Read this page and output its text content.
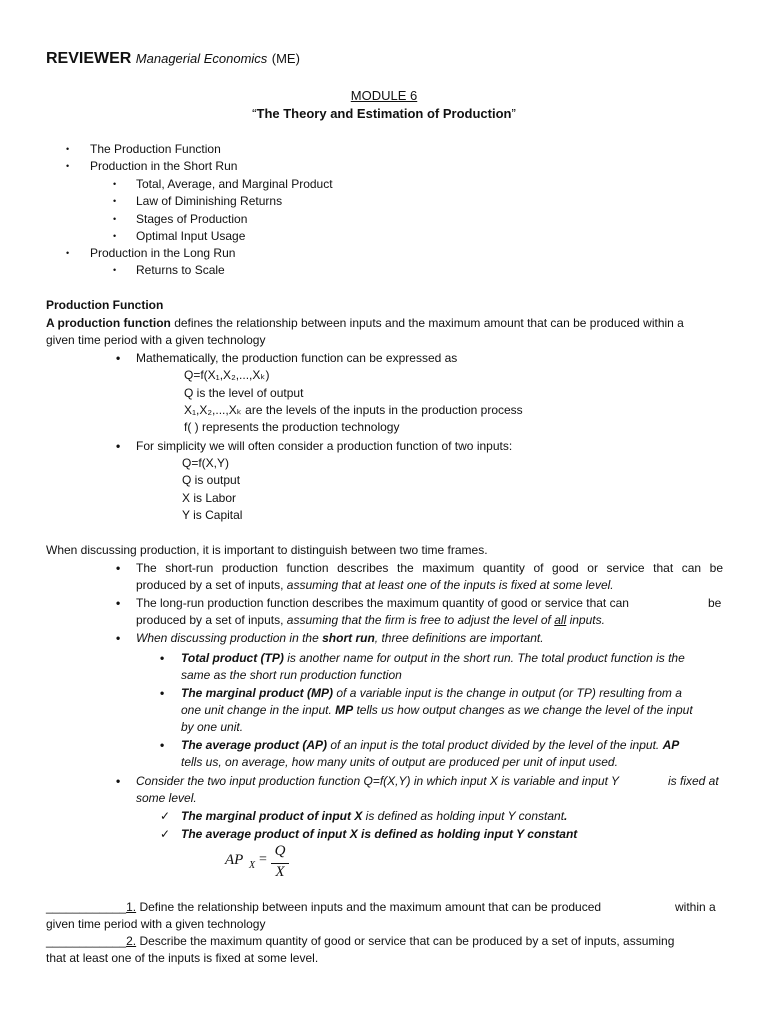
REVIEWER Managerial Economics (ME)
MODULE 6
“The Theory and Estimation of Production”
• The Production Function
• Production in the Short Run
• Total, Average, and Marginal Product
• Law of Diminishing Returns
• Stages of Production
• Optimal Input Usage
• Production in the Long Run
• Returns to Scale
Production Function
A production function defines the relationship between inputs and the maximum amount that can be produced within a
given time period with a given technology
• Mathematically, the production function can be expressed as
Q=f(X₁,X₂,...,Xₖ)
Q is the level of output
X₁,X₂,...,Xₖ are the levels of the inputs in the production process
f( ) represents the production technology
• For simplicity we will often consider a production function of two inputs:
Q=f(X,Y)
Q is output
X is Labor
Y is Capital
When discussing production, it is important to distinguish between two time frames.
• The short-run production function describes the maximum quantity of good or service that can be
produced by a set of inputs, assuming that at least one of the inputs is fixed at some level.
• The long-run production function describes the maximum quantity of good or service that can	be
produced by a set of inputs, assuming that the firm is free to adjust the level of all inputs.
• When discussing production in the short run, three definitions are important.
• Total product (TP) is another name for output in the short run. The total product function is the
same as the short run production function
• The marginal product (MP) of a variable input is the change in output (or TP) resulting from a
one unit change in the input. MP tells us how output changes as we change the level of the input
by one unit.
• The average product (AP) of an input is the total product divided by the level of the input. AP
tells us, on average, how many units of output are produced per unit of input used.
• Consider the two input production function Q=f(X,Y) in which input X is variable and input Y	is fixed at
some level.
✓ The marginal product of input X is defined as holding input Y constant.
✓ The average product of input X is defined as holding input Y constant
AP X =
Q
X
____________1. Define the relationship between inputs and the maximum amount that can be produced	within a
given time period with a given technology
____________2. Describe the maximum quantity of good or service that can be produced by a set of inputs, assuming
that at least one of the inputs is fixed at some level.
